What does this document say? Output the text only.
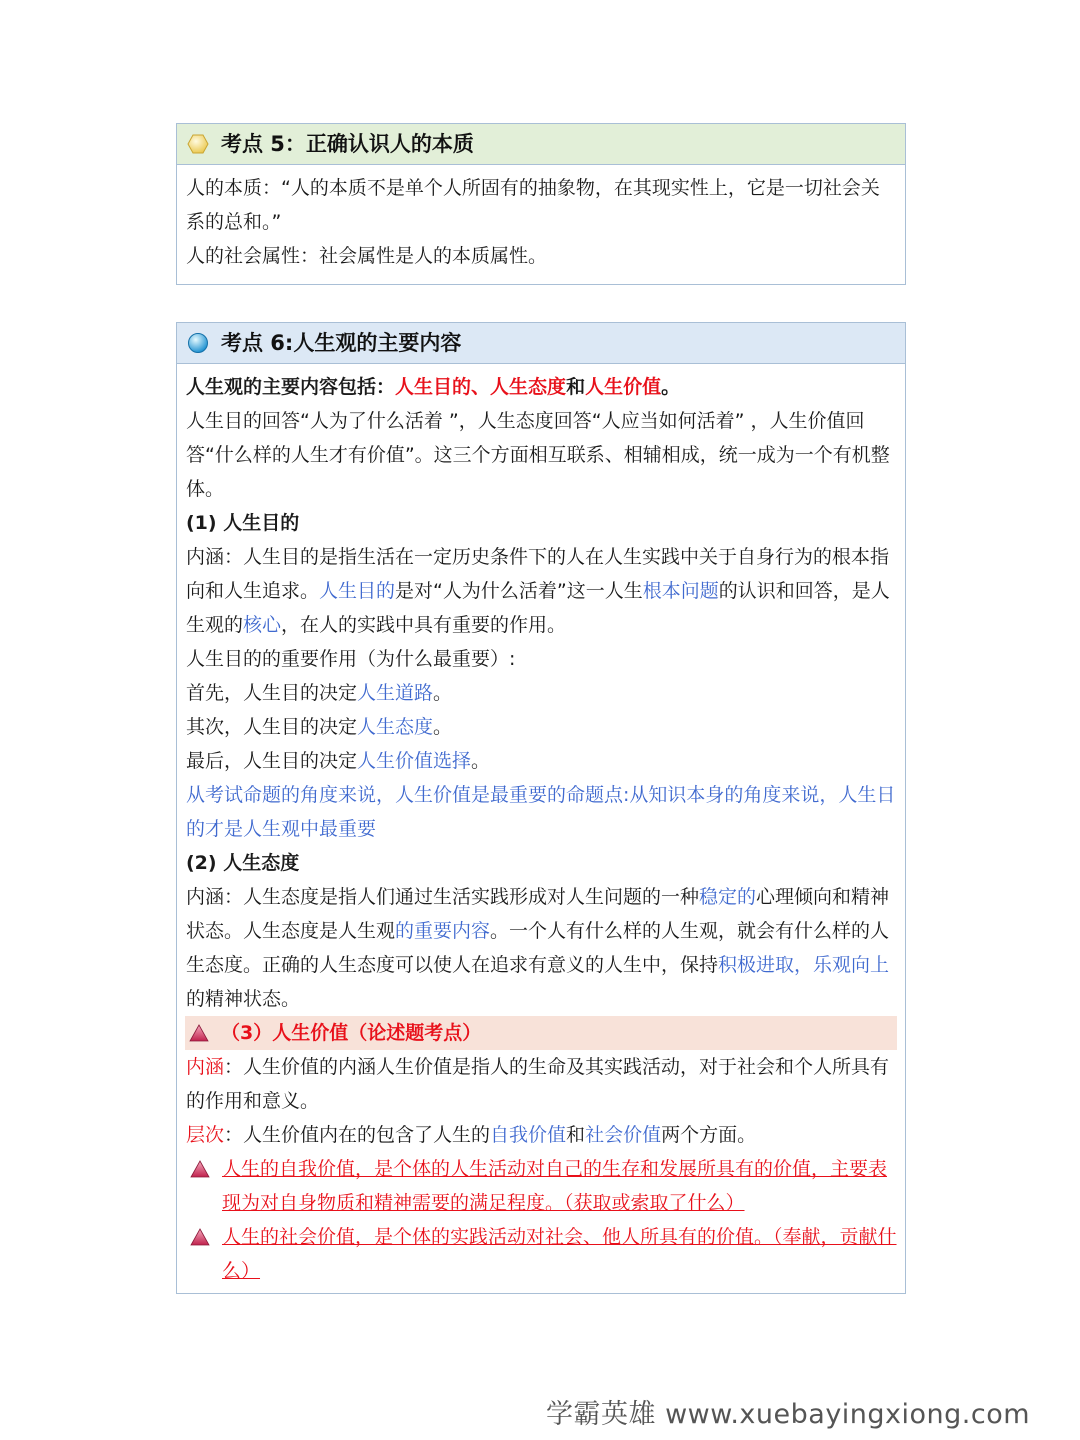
考点 5：正确认识人的本质

人的本质：“人的本质不是单个人所固有的抽象物，在其现实性上，它是一切社会关系的总和。”

人的社会属性：社会属性是人的本质属性。

考点 6:人生观的主要内容

人生观的主要内容包括：人生目的、人生态度和人生价值。

人生目的回答“人为了什么活着 ”，人生态度回答“人应当如何活着” ，人生价值回答“什么样的人生才有价值”。这三个方面相互联系、相辅相成，统一成为一个有机整体。

(1) 人生目的

内涵：人生目的是指生活在一定历史条件下的人在人生实践中关于自身行为的根本指向和人生追求。人生目的是对“人为什么活着”这一人生根本问题的认识和回答，是人生观的核心，在人的实践中具有重要的作用。

人生目的的重要作用（为什么最重要）:

首先，人生目的决定人生道路。

其次，人生目的决定人生态度。

最后，人生目的决定人生价值选择。

从考试命题的角度来说，人生价值是最重要的命题点:从知识本身的角度来说，人生日的才是人生观中最重要

(2) 人生态度

内涵：人生态度是指人们通过生活实践形成对人生问题的一种稳定的心理倾向和精神状态。人生态度是人生观的重要内容。一个人有什么样的人生观，就会有什么样的人生态度。正确的人生态度可以使人在追求有意义的人生中，保持积极进取，乐观向上的精神状态。

（3）人生价值（论述题考点）

内涵：人生价值的内涵人生价值是指人的生命及其实践活动，对于社会和个人所具有的作用和意义。

层次：人生价值内在的包含了人生的自我价值和社会价值两个方面。

人生的自我价值，是个体的人生活动对自己的生存和发展所具有的价值，主要表现为对自身物质和精神需要的满足程度。（获取或索取了什么）
人生的社会价值，是个体的实践活动对社会、他人所具有的价值。（奉献，贡献什么）
学霸英雄 www.xuebayingxiong.com
